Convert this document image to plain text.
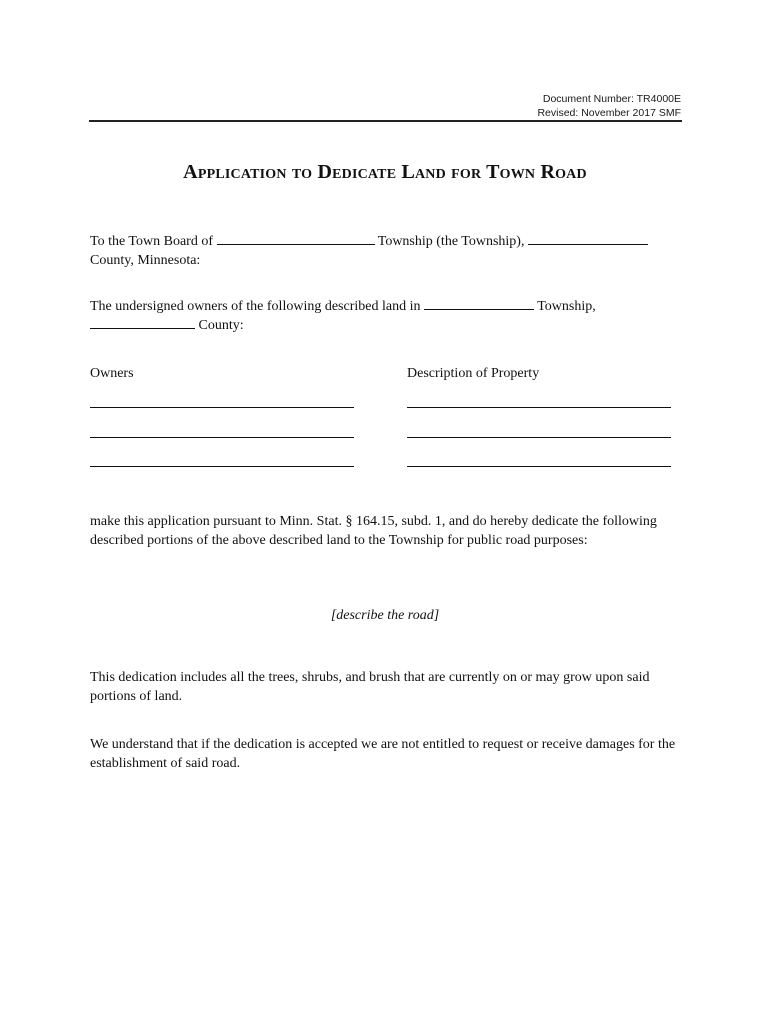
Document Number: TR4000E
Revised: November 2017 SMF
Application to Dedicate Land for Town Road
To the Town Board of	Township (the Township),
County, Minnesota:
The undersigned owners of the following described land in	Township,
County:
Owners	Description of Property
make this application pursuant to Minn. Stat. § 164.15, subd. 1, and do hereby dedicate the following described portions of the above described land to the Township for public road purposes:
[describe the road]
This dedication includes all the trees, shrubs, and brush that are currently on or may grow upon said portions of land.
We understand that if the dedication is accepted we are not entitled to request or receive damages for the establishment of said road.
